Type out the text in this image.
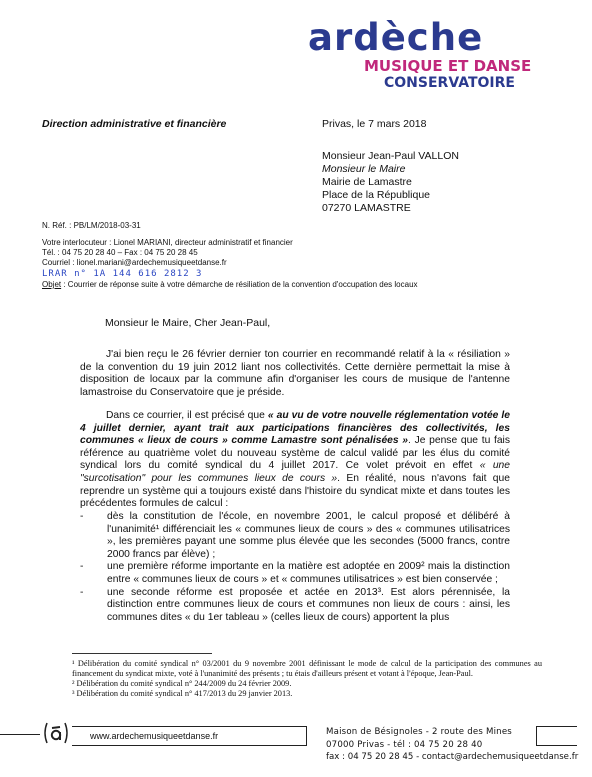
ardèche
MUSIQUE ET DANSE
CONSERVATOIRE
Direction administrative et financière	Privas, le 7 mars 2018
Monsieur Jean-Paul VALLON
Monsieur le Maire
Mairie de Lamastre
Place de la République
07270 LAMASTRE
N. Réf. : PB/LM/2018-03-31
Votre interlocuteur : Lionel MARIANI, directeur administratif et financier
Tél. : 04 75 20 28 40 – Fax : 04 75 20 28 45
Courriel : lionel.mariani@ardechemusiqueetdanse.fr
LRAR n° 1A 144 616 2812 3
Objet : Courrier de réponse suite à votre démarche de résiliation de la convention d'occupation des locaux
Monsieur le Maire, Cher Jean-Paul,
J'ai bien reçu le 26 février dernier ton courrier en recommandé relatif à la « résiliation » de la convention du 19 juin 2012 liant nos collectivités. Cette dernière permettait la mise à disposition de locaux par la commune afin d'organiser les cours de musique de l'antenne lamastroise du Conservatoire que je préside.
Dans ce courrier, il est précisé que « au vu de votre nouvelle réglementation votée le 4 juillet dernier, ayant trait aux participations financières des collectivités, les communes « lieux de cours » comme Lamastre sont pénalisées ». Je pense que tu fais référence au quatrième volet du nouveau système de calcul validé par les élus du comité syndical lors du comité syndical du 4 juillet 2017. Ce volet prévoit en effet « une "surcotisation" pour les communes lieux de cours ». En réalité, nous n'avons fait que reprendre un système qui a toujours existé dans l'histoire du syndicat mixte et dans toutes les précédentes formules de calcul :
- dès la constitution de l'école, en novembre 2001, le calcul proposé et délibéré à l'unanimité¹ différenciait les « communes lieux de cours » des « communes utilisatrices », les premières payant une somme plus élevée que les secondes (5000 francs, contre 2000 francs par élève) ;
- une première réforme importante en la matière est adoptée en 2009² mais la distinction entre « communes lieux de cours » et « communes utilisatrices » est bien conservée ;
- une seconde réforme est proposée et actée en 2013³. Est alors pérennisée, la distinction entre communes lieux de cours et communes non lieux de cours : ainsi, les communes dites « du 1er tableau » (celles lieux de cours) apportent la plus
¹ Délibération du comité syndical n° 03/2001 du 9 novembre 2001 définissant le mode de calcul de la participation des communes au financement du syndicat mixte, voté à l'unanimité des présents ; tu étais d'ailleurs présent et votant à l'époque, Jean-Paul.
² Délibération du comité syndical n° 244/2009 du 24 février 2009.
³ Délibération du comité syndical n° 417/2013 du 29 janvier 2013.
www.ardechemusiqueetdanse.fr	Maison de Bésignoles - 2 route des Mines
07000 Privas - tél : 04 75 20 28 40
fax : 04 75 20 28 45 - contact@ardechemusiqueetdanse.fr
